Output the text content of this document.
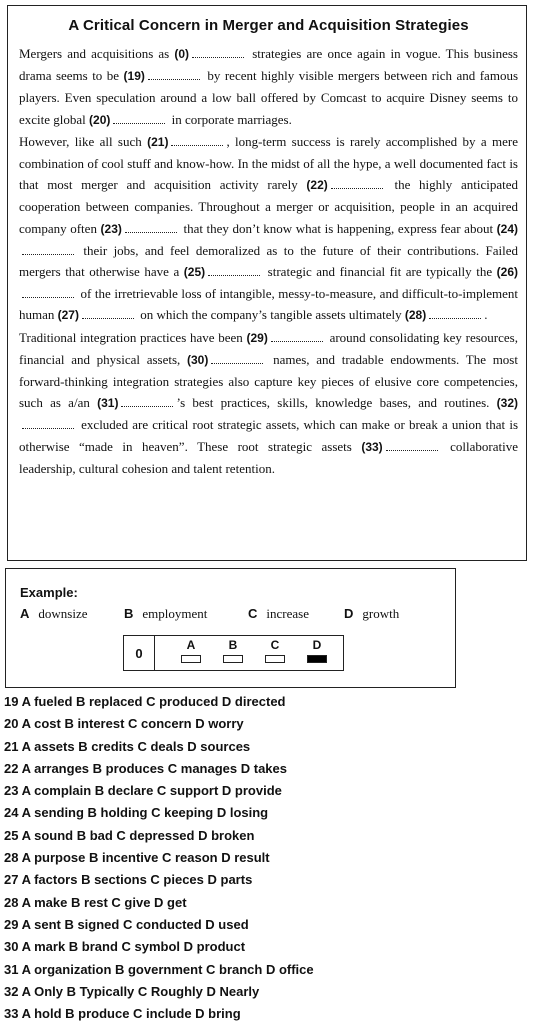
A Critical Concern in Merger and Acquisition Strategies

Mergers and acquisitions as (0)	strategies are once again in vogue. This business drama seems to be (19)	by recent highly visible mergers between rich and famous players. Even speculation around a low ball offered by Comcast to acquire Disney seems to excite global (20)	in corporate marriages.

However, like all such (21)	, long-term success is rarely accomplished by a mere combination of cool stuff and know-how. In the midst of all the hype, a well documented fact is that most merger and acquisition activity rarely (22)	the highly anticipated cooperation between companies. Throughout a merger or acquisition, people in an acquired company often (23)	that they don’t know what is happening, express fear about (24) their jobs, and feel demoralized as to the future of their contributions. Failed mergers that otherwise have a (25)	strategic and financial fit are typically the (26) of the irretrievable loss of intangible, messy-to-measure, and difficult-to-implement human (27)	on which the company’s tangible assets ultimately (28)	.

Traditional integration practices have been (29)	around consolidating key resources, financial and physical assets, (30)	names, and tradable endowments. The most forward-thinking integration strategies also capture key pieces of elusive core competencies, such as a/an (31)	’s best practices, skills, knowledge bases, and routines. (32) excluded are critical root strategic assets, which can make or break a union that is otherwise “made in heaven”. These root strategic assets (33)	collaborative leadership, cultural cohesion and talent retention.

Example:
A downsize	B employment	C increase	D growth
0
A	B	C	D
19 A fueled B replaced C produced D directed
20 A cost B interest C concern D worry
21 A assets B credits C deals D sources
22 A arranges B produces C manages D takes
23 A complain B declare C support D provide
24 A sending B holding C keeping D losing
25 A sound B bad C depressed D broken
28 A purpose B incentive C reason D result
27 A factors B sections C pieces D parts
28 A make B rest C give D get
29 A sent B signed C conducted D used
30 A mark B brand C symbol D product
31 A organization B government C branch D office
32 A Only B Typically C Roughly D Nearly
33 A hold B produce C include D bring
